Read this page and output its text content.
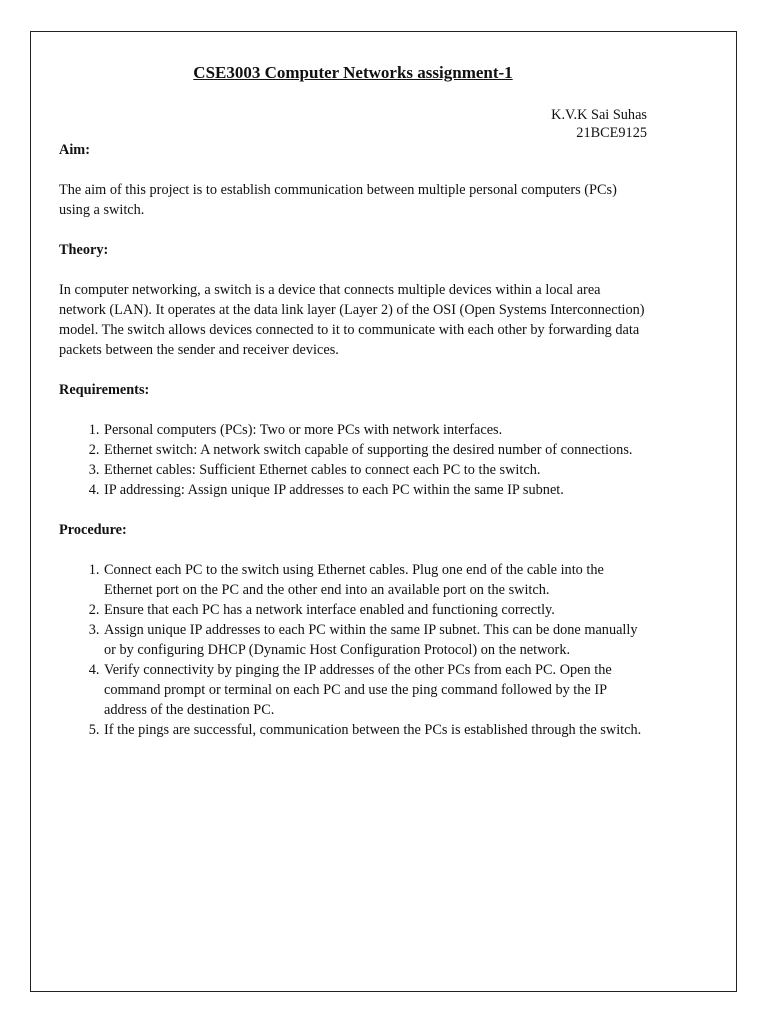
CSE3003 Computer Networks assignment-1

K.V.K Sai Suhas

21BCE9125

Aim:

The aim of this project is to establish communication between multiple personal computers (PCs) using a switch.

Theory:

In computer networking, a switch is a device that connects multiple devices within a local area network (LAN). It operates at the data link layer (Layer 2) of the OSI (Open Systems Interconnection) model. The switch allows devices connected to it to communicate with each other by forwarding data packets between the sender and receiver devices.

Requirements:

1. Personal computers (PCs): Two or more PCs with network interfaces.
2. Ethernet switch: A network switch capable of supporting the desired number of connections.
3. Ethernet cables: Sufficient Ethernet cables to connect each PC to the switch.
4. IP addressing: Assign unique IP addresses to each PC within the same IP subnet.

Procedure:

1. Connect each PC to the switch using Ethernet cables. Plug one end of the cable into the Ethernet port on the PC and the other end into an available port on the switch.
2. Ensure that each PC has a network interface enabled and functioning correctly.
3. Assign unique IP addresses to each PC within the same IP subnet. This can be done manually or by configuring DHCP (Dynamic Host Configuration Protocol) on the network.
4. Verify connectivity by pinging the IP addresses of the other PCs from each PC. Open the command prompt or terminal on each PC and use the ping command followed by the IP address of the destination PC.
5. If the pings are successful, communication between the PCs is established through the switch.
